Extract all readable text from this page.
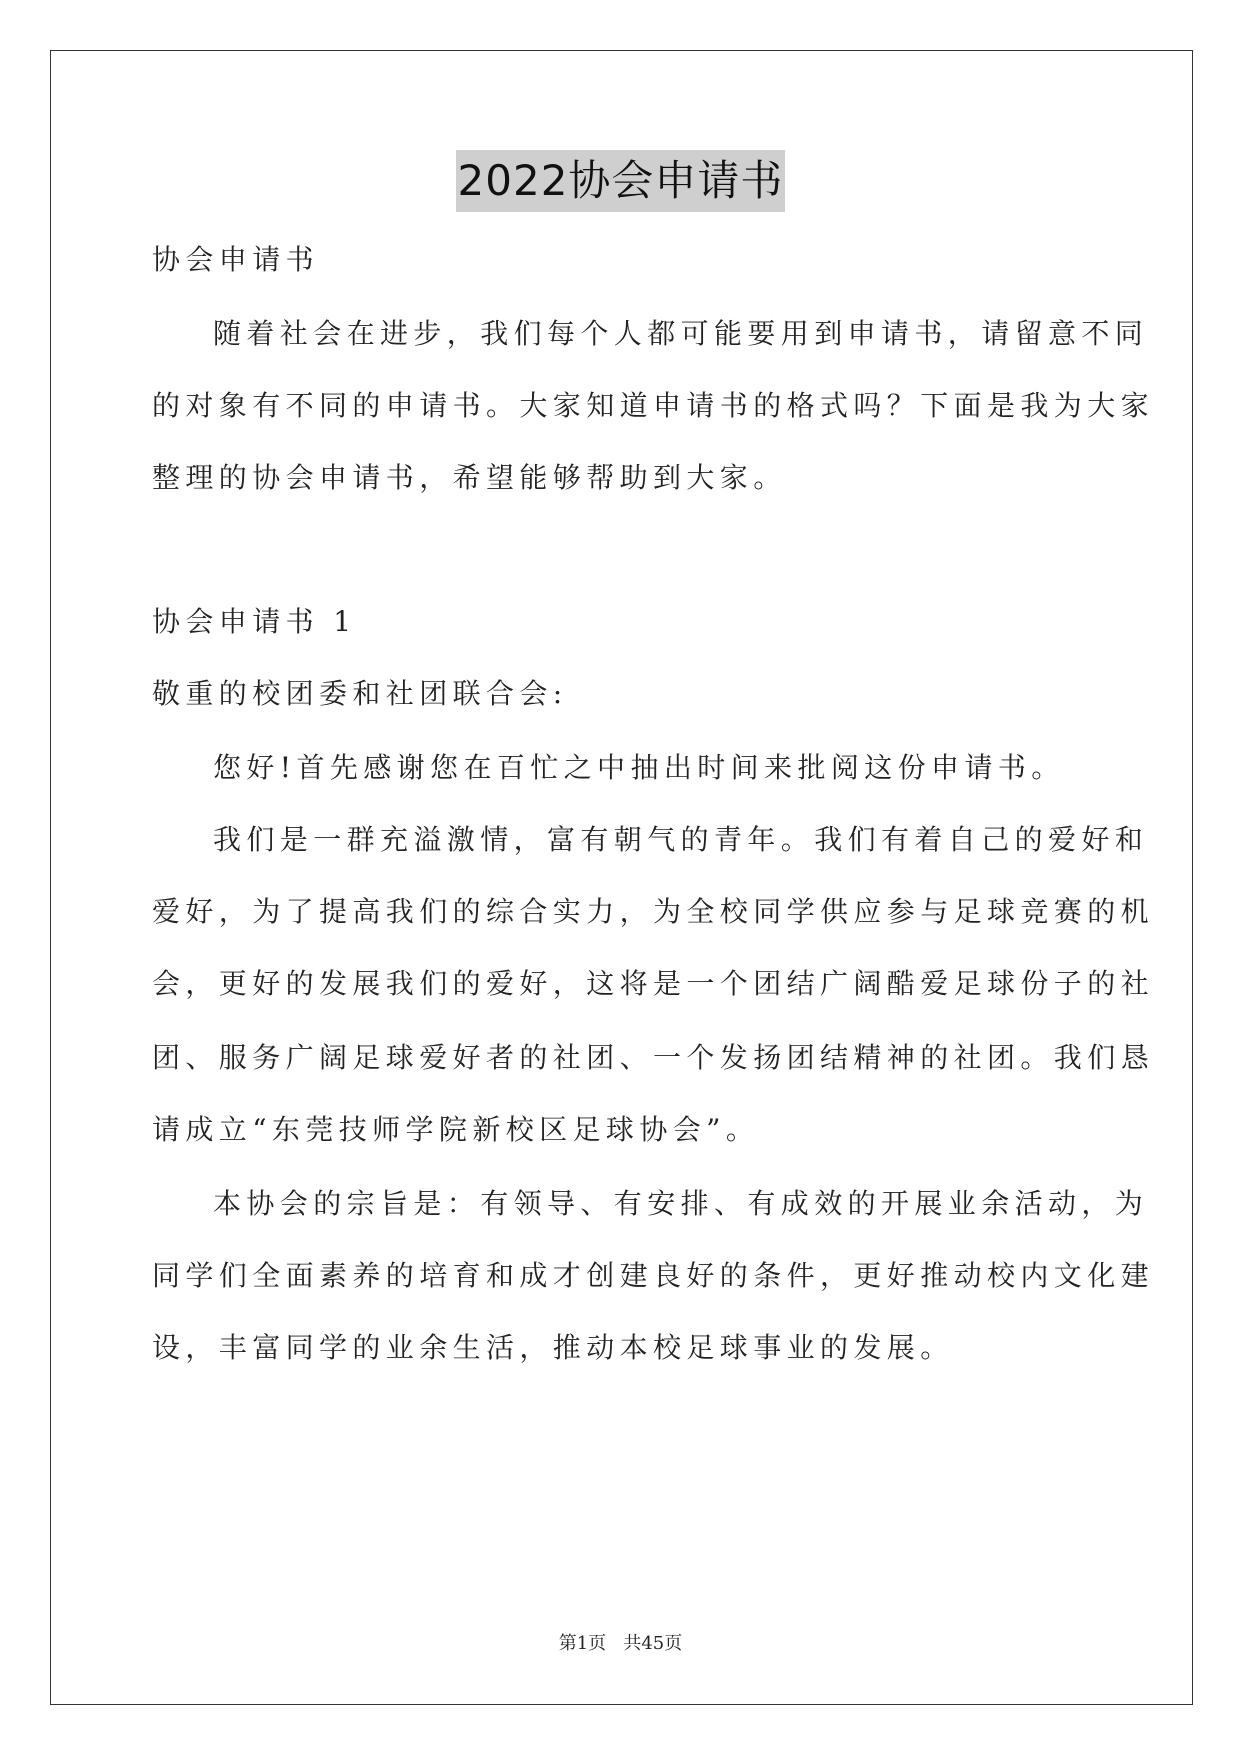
2022协会申请书
协会申请书
随着社会在进步，我们每个人都可能要用到申请书，请留意不同
的对象有不同的申请书。大家知道申请书的格式吗？下面是我为大家
整理的协会申请书，希望能够帮助到大家。
协会申请书 1
敬重的校团委和社团联合会:
您好!首先感谢您在百忙之中抽出时间来批阅这份申请书。
我们是一群充溢激情，富有朝气的青年。我们有着自己的爱好和
爱好，为了提高我们的综合实力，为全校同学供应参与足球竞赛的机
会，更好的发展我们的爱好，这将是一个团结广阔酷爱足球份子的社
团、服务广阔足球爱好者的社团、一个发扬团结精神的社团。我们恳
请成立“东莞技师学院新校区足球协会”。
本协会的宗旨是：有领导、有安排、有成效的开展业余活动，为
同学们全面素养的培育和成才创建良好的条件，更好推动校内文化建
设，丰富同学的业余生活，推动本校足球事业的发展。
第1页   共45页
